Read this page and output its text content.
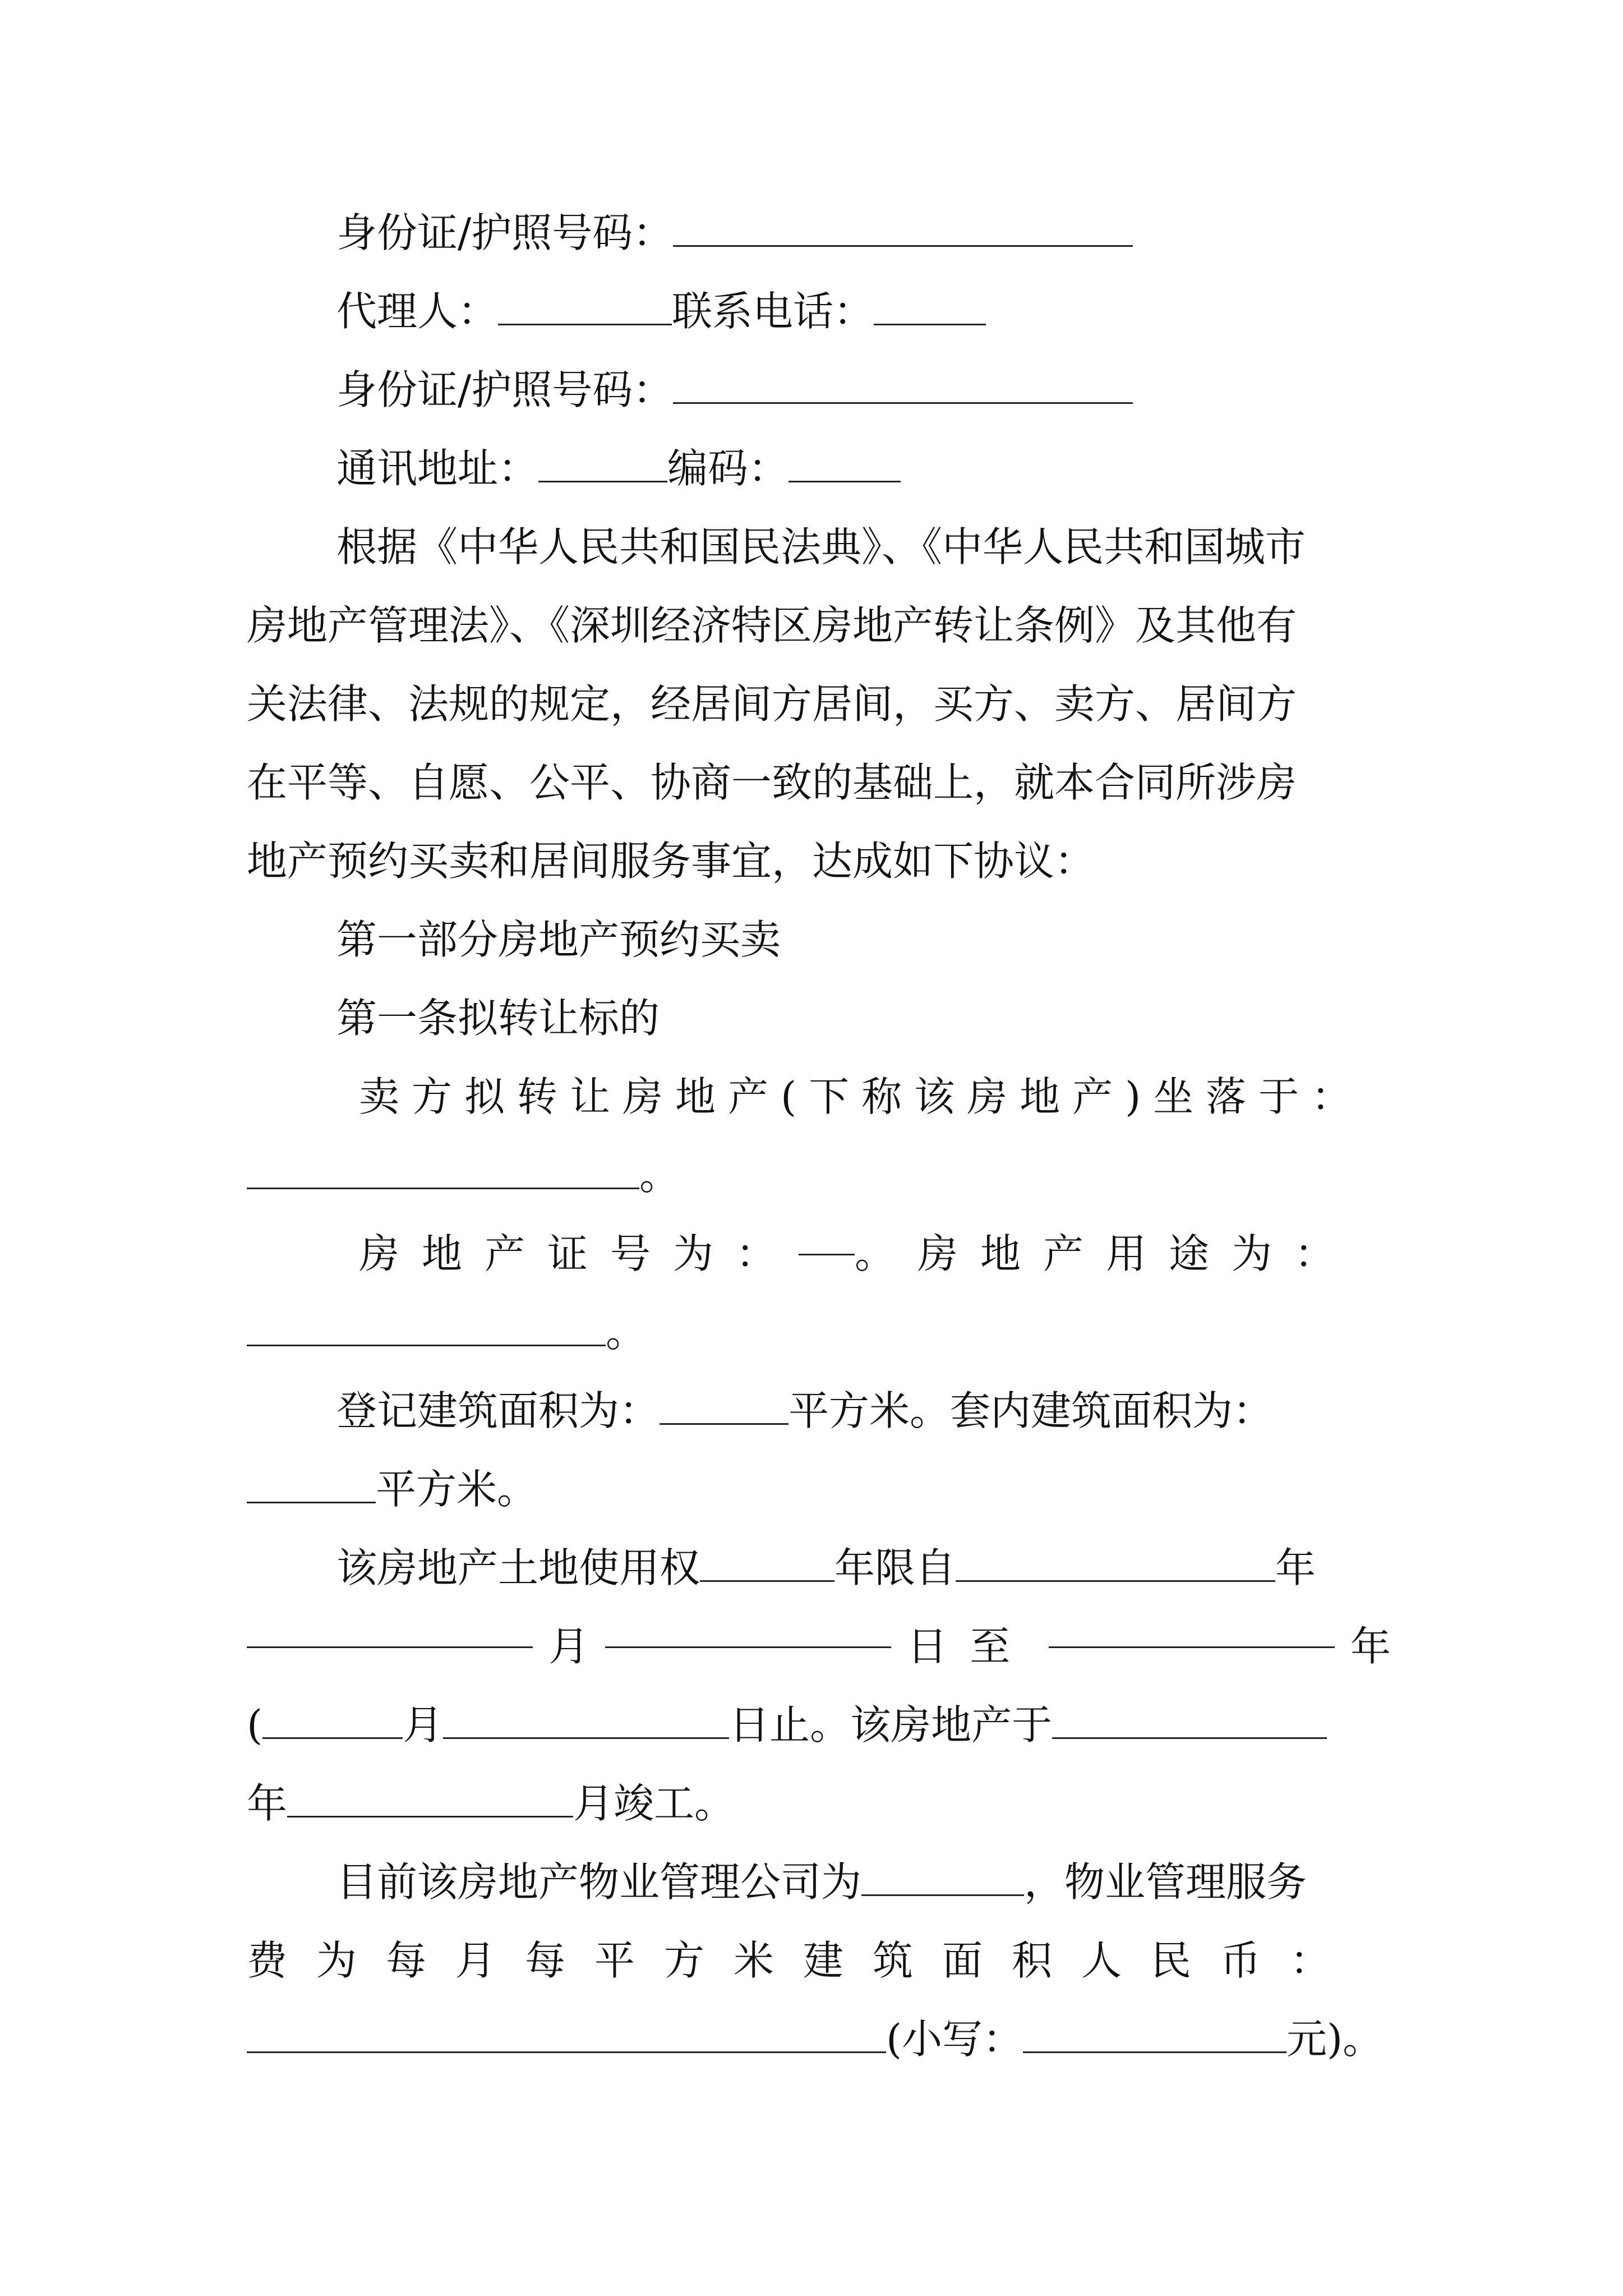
身份证/护照号码：
代理人：	联系电话：
身份证/护照号码：
通讯地址：	编码：
根据《中华人民共和国民法典》、《中华人民共和国城市
房地产管理法》、《深圳经济特区房地产转让条例》及其他有
关法律、法规的规定，经居间方居间，买方、卖方、居间方
在平等、自愿、公平、协商一致的基础上，就本合同所涉房
地产预约买卖和居间服务事宜，达成如下协议：
第一部分房地产预约买卖
第一条拟转让标的
卖方拟转让房地产(下称该房地产)坐落于：
。
房地产证号为： 。房地产用途为：
。
登记建筑面积为：	平方米。套内建筑面积为：
平方米。
该房地产土地使用权	年限自	年
月	日至	年
(	月	日止。该房地产于
年	月竣工。
目前该房地产物业管理公司为	，物业管理服务
费为每月每平方米建筑面积人民币：
(小写：	元)。
